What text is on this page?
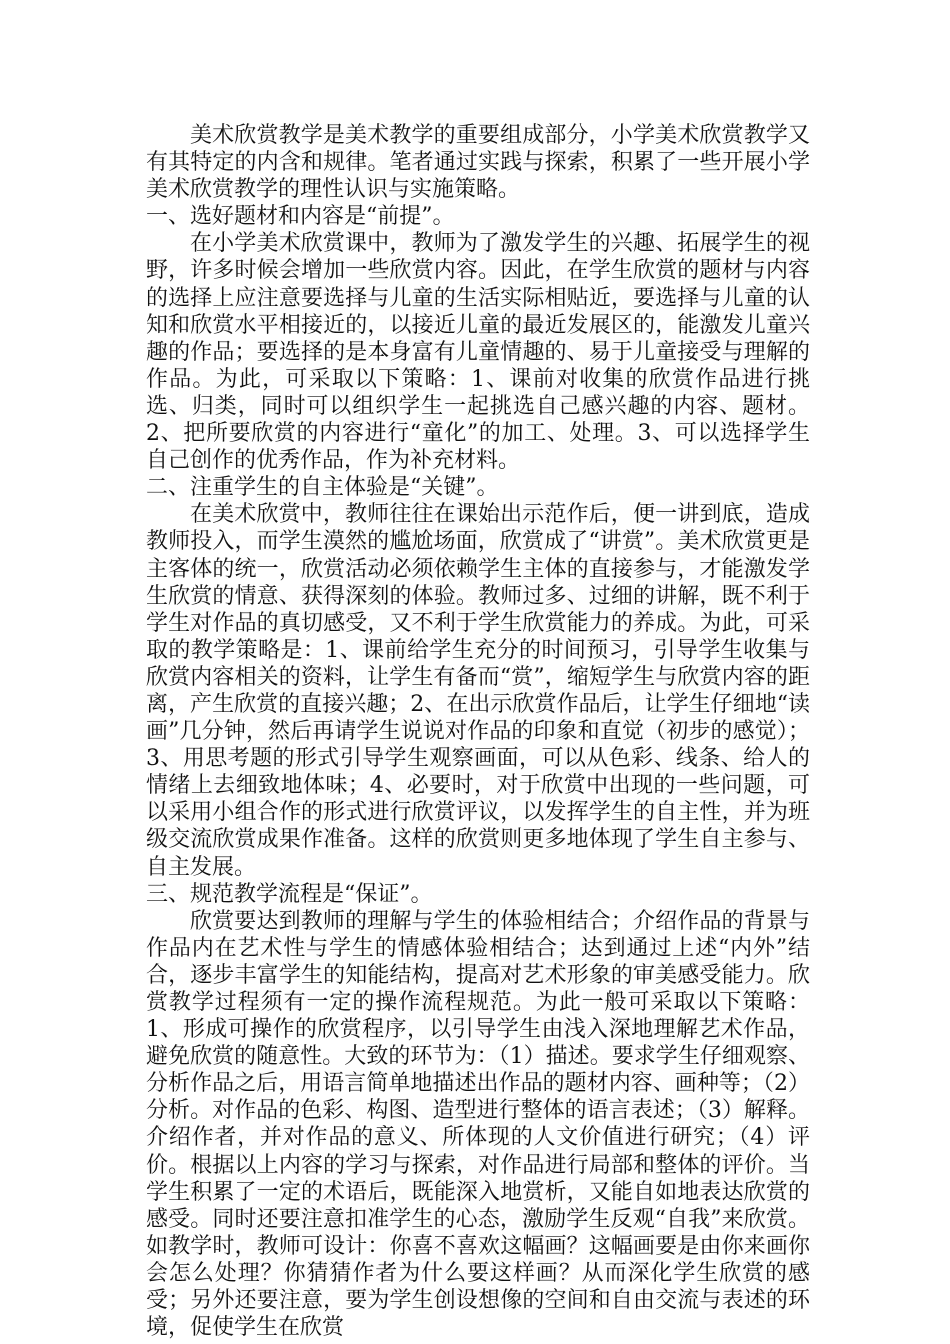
美术欣赏教学是美术教学的重要组成部分，小学美术欣赏教学又有其特定的内含和规律。笔者通过实践与探索，积累了一些开展小学美术欣赏教学的理性认识与实施策略。

一、选好题材和内容是“前提”。

在小学美术欣赏课中，教师为了激发学生的兴趣、拓展学生的视野，许多时候会增加一些欣赏内容。因此，在学生欣赏的题材与内容的选择上应注意要选择与儿童的生活实际相贴近，要选择与儿童的认知和欣赏水平相接近的，以接近儿童的最近发展区的，能激发儿童兴趣的作品；要选择的是本身富有儿童情趣的、易于儿童接受与理解的作品。为此，可采取以下策略：1、课前对收集的欣赏作品进行挑选、归类，同时可以组织学生一起挑选自己感兴趣的内容、题材。2、把所要欣赏的内容进行“童化”的加工、处理。3、可以选择学生自己创作的优秀作品，作为补充材料。

二、注重学生的自主体验是“关键”。

在美术欣赏中，教师往往在课始出示范作后，便一讲到底，造成教师投入，而学生漠然的尴尬场面，欣赏成了“讲赏”。美术欣赏更是主客体的统一，欣赏活动必须依赖学生主体的直接参与，才能激发学生欣赏的情意、获得深刻的体验。教师过多、过细的讲解，既不利于学生对作品的真切感受，又不利于学生欣赏能力的养成。为此，可采取的教学策略是：1、课前给学生充分的时间预习，引导学生收集与欣赏内容相关的资料，让学生有备而“赏”，缩短学生与欣赏内容的距离，产生欣赏的直接兴趣；2、在出示欣赏作品后，让学生仔细地“读画”几分钟，然后再请学生说说对作品的印象和直觉（初步的感觉）；3、用思考题的形式引导学生观察画面，可以从色彩、线条、给人的情绪上去细致地体味；4、必要时，对于欣赏中出现的一些问题，可以采用小组合作的形式进行欣赏评议，以发挥学生的自主性，并为班级交流欣赏成果作准备。这样的欣赏则更多地体现了学生自主参与、自主发展。

三、规范教学流程是“保证”。

欣赏要达到教师的理解与学生的体验相结合；介绍作品的背景与作品内在艺术性与学生的情感体验相结合；达到通过上述“内外”结合，逐步丰富学生的知能结构，提高对艺术形象的审美感受能力。欣赏教学过程须有一定的操作流程规范。为此一般可采取以下策略：1、形成可操作的欣赏程序，以引导学生由浅入深地理解艺术作品，避免欣赏的随意性。大致的环节为：（1）描述。要求学生仔细观察、分析作品之后，用语言简单地描述出作品的题材内容、画种等；（2）分析。对作品的色彩、构图、造型进行整体的语言表述；（3）解释。介绍作者，并对作品的意义、所体现的人文价值进行研究；（4）评价。根据以上内容的学习与探索，对作品进行局部和整体的评价。当学生积累了一定的术语后，既能深入地赏析，又能自如地表达欣赏的感受。同时还要注意扣准学生的心态，激励学生反观“自我”来欣赏。如教学时，教师可设计：你喜不喜欢这幅画？这幅画要是由你来画你会怎么处理？你猜猜作者为什么要这样画？从而深化学生欣赏的感受；另外还要注意，要为学生创设想像的空间和自由交流与表述的环境，促使学生在欣赏
